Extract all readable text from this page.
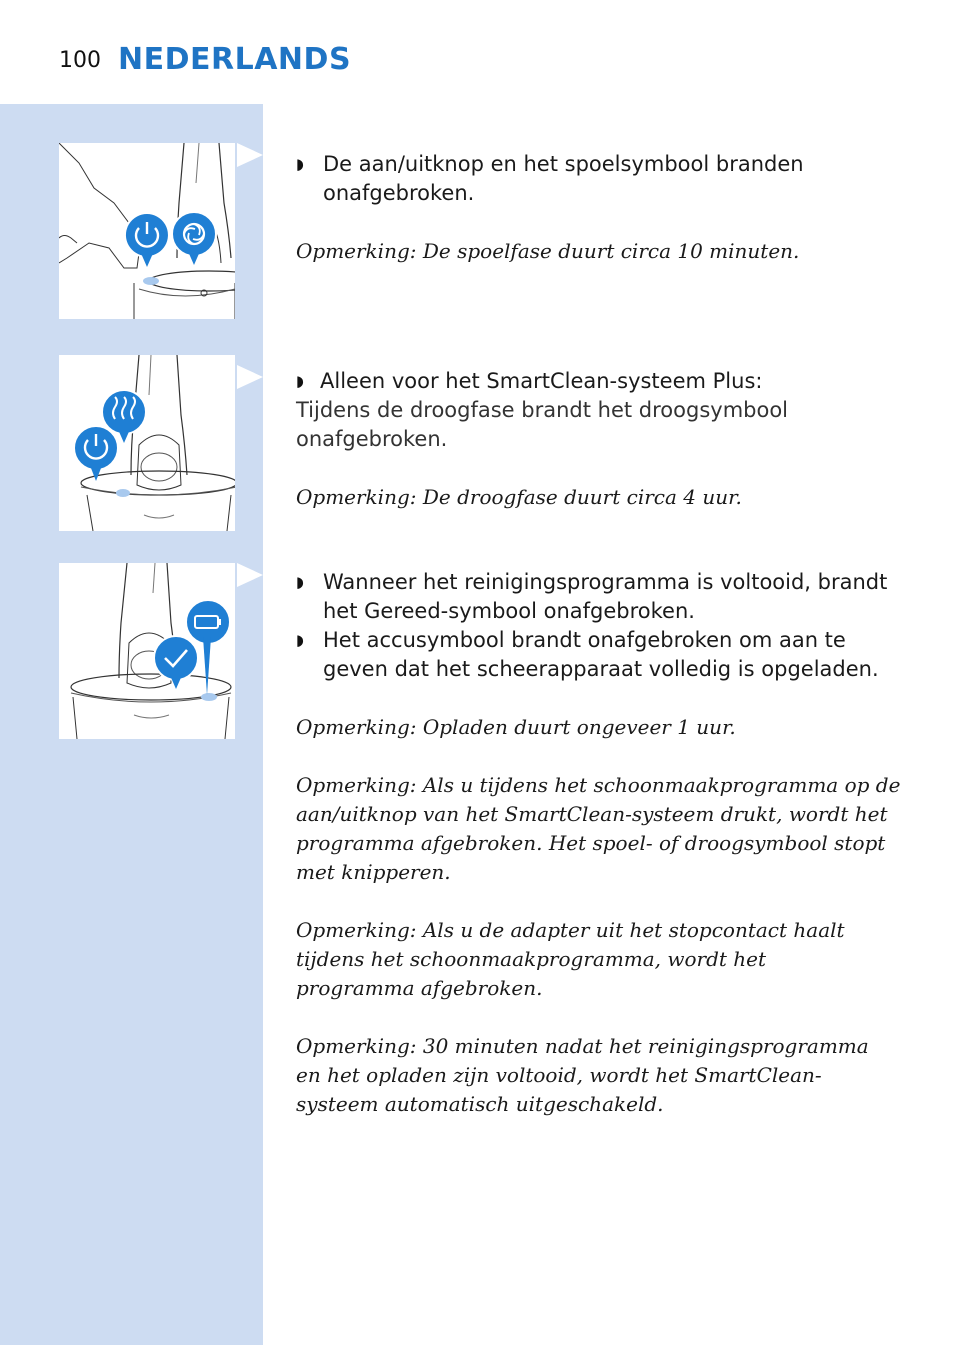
100 NEDERLANDS
◗ De aan/uitknop en het spoelsymbool branden onafgebroken.
Opmerking: De spoelfase duurt circa 10 minuten.
◗ Alleen voor het SmartClean-systeem Plus:
Tijdens de droogfase brandt het droogsymbool onafgebroken.
Opmerking: De droogfase duurt circa 4 uur.
◗ Wanneer het reinigingsprogramma is voltooid, brandt het Gereed-symbool onafgebroken.
◗ Het accusymbool brandt onafgebroken om aan te geven dat het scheerapparaat volledig is opgeladen.
Opmerking: Opladen duurt ongeveer 1 uur.
Opmerking: Als u tijdens het schoonmaakprogramma op de aan/uitknop van het SmartClean-systeem drukt, wordt het programma afgebroken. Het spoel- of droogsymbool stopt met knipperen.
Opmerking: Als u de adapter uit het stopcontact haalt tijdens het schoonmaakprogramma, wordt het programma afgebroken.
Opmerking: 30 minuten nadat het reinigingsprogramma en het opladen zijn voltooid, wordt het SmartClean-systeem automatisch uitgeschakeld.
